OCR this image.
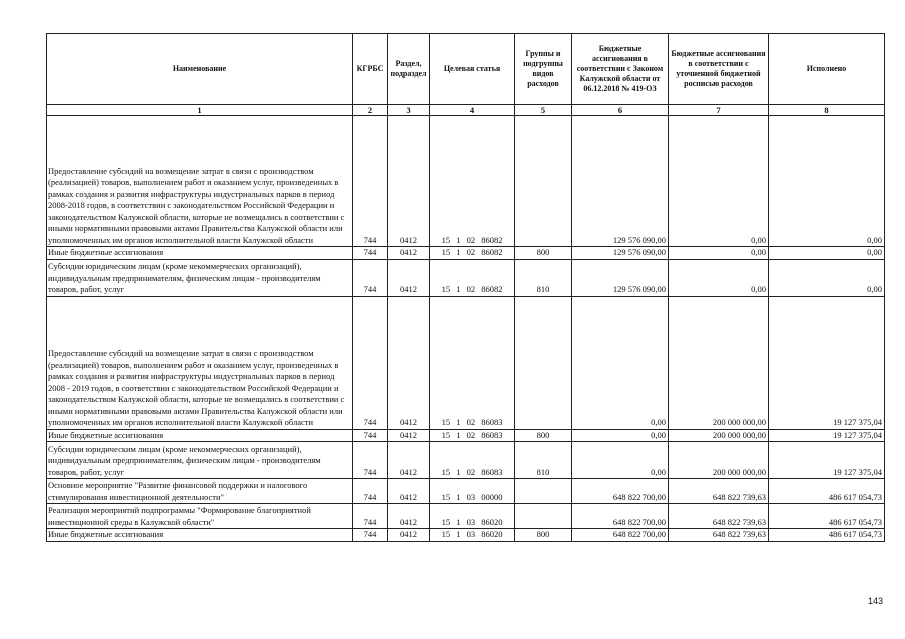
Наименование	КГРБС	Раздел, подраздел	Целевая статья	Группы и подгруппы видов расходов	Бюджетные ассигнования в соответствии с Законом Калужской области от 06.12.2018 № 419-ОЗ	Бюджетные ассигнования в соответствии с уточненной бюджетной росписью расходов	Исполнено
1	2	3	4	5	6	7	8
Предоставление субсидий на возмещение затрат в связи с производством (реализацией) товаров, выполнением работ и оказанием услуг, произведенных в рамках создания и развития инфраструктуры индустриальных парков в период 2008-2018 годов, в соответствии с законодательством Российской Федерации и законодательством Калужской области, которые не возмещались в соответствии с иными нормативными правовыми актами Правительства Калужской области или уполномоченных им органов исполнительной власти Калужской области	744	0412	15 1 02 86082		129 576 090,00	0,00	0,00
Иные бюджетные ассигнования	744	0412	15 1 02 86082	800	129 576 090,00	0,00	0,00
Субсидии юридическим лицам (кроме некоммерческих организаций), индивидуальным предпринимателям, физическим лицам - производителям товаров, работ, услуг	744	0412	15 1 02 86082	810	129 576 090,00	0,00	0,00
Предоставление субсидий на возмещение затрат в связи с производством (реализацией) товаров, выполнением работ и оказанием услуг, произведенных в рамках создания и развития инфраструктуры индустриальных парков в период 2008 - 2019 годов, в соответствии с законодательством Российской Федерации и законодательством Калужской области, которые не возмещались в соответствии с иными нормативными правовыми актами Правительства Калужской области или уполномоченных им органов исполнительной власти Калужской области	744	0412	15 1 02 86083		0,00	200 000 000,00	19 127 375,04
Иные бюджетные ассигнования	744	0412	15 1 02 86083	800	0,00	200 000 000,00	19 127 375,04
Субсидии юридическим лицам (кроме некоммерческих организаций), индивидуальным предпринимателям, физическим лицам - производителям товаров, работ, услуг	744	0412	15 1 02 86083	810	0,00	200 000 000,00	19 127 375,04
Основное мероприятие "Развитие финансовой поддержки и налогового стимулирования инвестиционной деятельности"	744	0412	15 1 03 00000		648 822 700,00	648 822 739,63	486 617 054,73
Реализация мероприятий подпрограммы "Формирование благоприятной инвестиционной среды в Калужской области"	744	0412	15 1 03 86020		648 822 700,00	648 822 739,63	486 617 054,73
Иные бюджетные ассигнования	744	0412	15 1 03 86020	800	648 822 700,00	648 822 739,63	486 617 054,73
143
